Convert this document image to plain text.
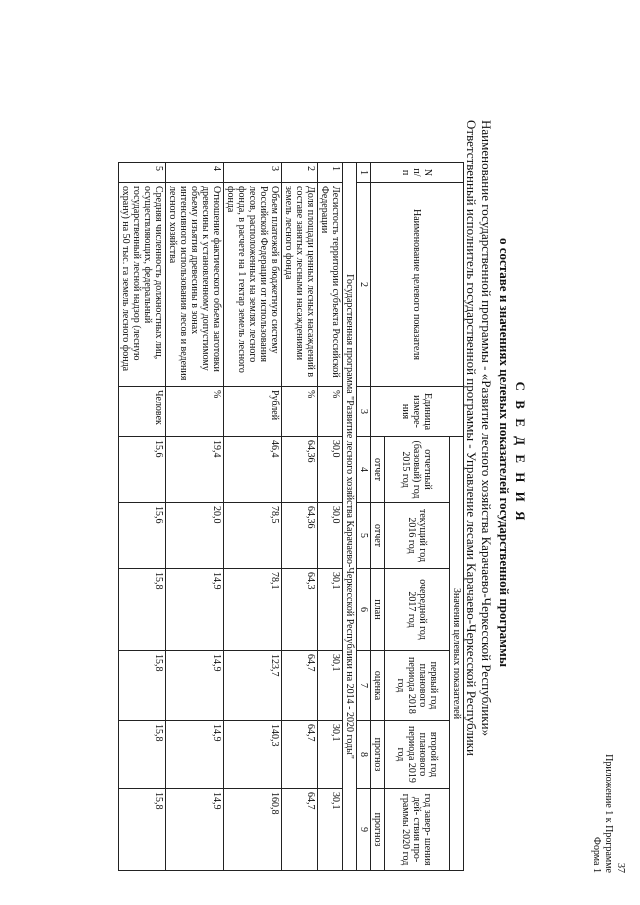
37
Приложение 1 к Программе
Форма 1
С В Е Д Е Н И Я
о составе и значениях целевых показателей государственной программы
Наименование государственной программы - «Развитие лесного хозяйства Карачаево-Черкесской Республики»
Ответственный исполнитель государственной программы - Управление лесами Карачаево-Черкесской Республики
N п/п	Наименование целевого показателя	Единица измере- ния	Значения целевых показателей					
			отчетный (базовый) год 2015 год	текущий год 2016 год	очередной год 2017 год	первый год планового периода 2018 год	второй год планового периода 2019 год	год завер- шения дей- ствия про- граммы 2020 год
			отчет	отчет	план	оценка	прогноз	прогноз
1	2	3	4	5	6	7	8	9
Государственная программа "Развитие лесного хозяйства Карачаево-Черкесской Республики на 2014 - 2020 годы"								
1	Лесистость территории субъекта Российской Федерации	%	30,0	30,0	30,1	30,1	30,1	30,1
2	Доля площади ценных лесных насаждений в составе занятых лесными насаждениями земель лесного фонда	%	64,36	64,36	64,3	64,7	64,7	64,7
3	Объем платежей в бюджетную систему Российской Федерации от использования лесов, расположенных на землях лесного фонда, в расчете на 1 гектар земель лесного фонда	Рублей	46,4	78,5	78,1	123,7	140,3	160,8
4	Отношение фактического объема заготовки древесины к установленному допустимому объему изъятия древесины в зонах интенсивного использования лесов и ведения лесного хозяйства	%	19,4	20,0	14,9	14,9	14,9	14,9
5	Средняя численность должностных лиц, осуществляющих, федеральный государственный лесной надзор (лесную охрану) на 50 тыс. га земель лесного фонда	Человек	15,6	15,6	15,8	15,8	15,8	15,8
